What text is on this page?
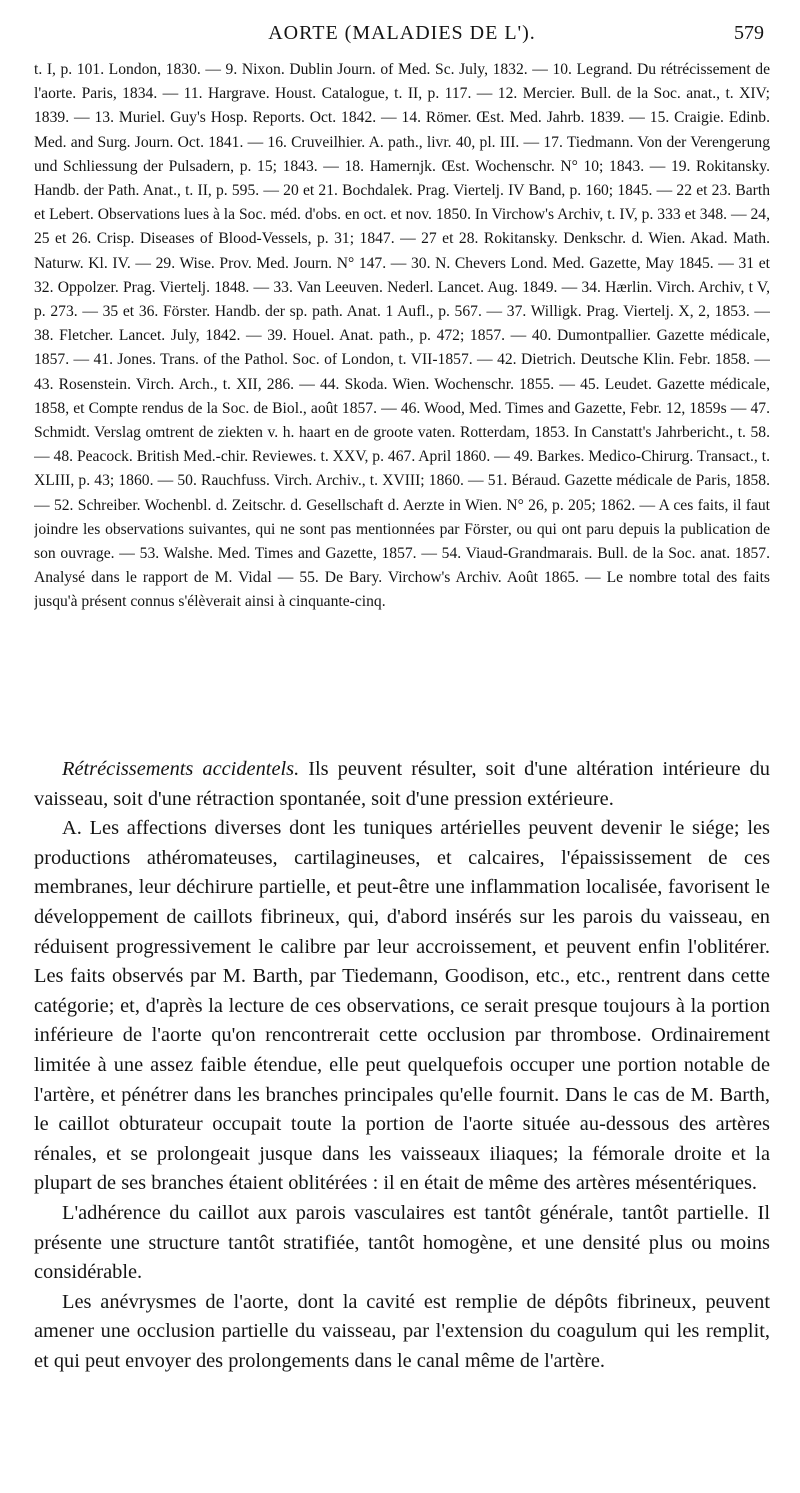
AORTE (MALADIES DE L').	579

t. I, p. 101. London, 1830. — 9. Nixon. Dublin Journ. of Med. Sc. July, 1832. — 10. Legrand. Du rétrécissement de l'aorte. Paris, 1834. — 11. Hargrave. Houst. Catalogue, t. II, p. 117. — 12. Mercier. Bull. de la Soc. anat., t. XIV; 1839. — 13. Muriel. Guy's Hosp. Reports. Oct. 1842. — 14. Römer. Œst. Med. Jahrb. 1839. — 15. Craigie. Edinb. Med. and Surg. Journ. Oct. 1841. — 16. Cruveilhier. A. path., livr. 40, pl. III. — 17. Tiedmann. Von der Verengerung und Schliessung der Pulsadern, p. 15; 1843. — 18. Hamernjk. Œst. Wochenschr. N° 10; 1843. — 19. Rokitansky. Handb. der Path. Anat., t. II, p. 595. — 20 et 21. Bochdalek. Prag. Viertelj. IV Band, p. 160; 1845. — 22 et 23. Barth et Lebert. Observations lues à la Soc. méd. d'obs. en oct. et nov. 1850. In Virchow's Archiv, t. IV, p. 333 et 348. — 24, 25 et 26. Crisp. Diseases of Blood-Vessels, p. 31; 1847. — 27 et 28. Rokitansky. Denkschr. d. Wien. Akad. Math. Naturw. Kl. IV. — 29. Wise. Prov. Med. Journ. N° 147. — 30. N. Chevers Lond. Med. Gazette, May 1845. — 31 et 32. Oppolzer. Prag. Viertelj. 1848. — 33. Van Leeuven. Nederl. Lancet. Aug. 1849. — 34. Hærlin. Virch. Archiv, t V, p. 273. — 35 et 36. Förster. Handb. der sp. path. Anat. 1 Aufl., p. 567. — 37. Willigk. Prag. Viertelj. X, 2, 1853. — 38. Fletcher. Lancet. July, 1842. — 39. Houel. Anat. path., p. 472; 1857. — 40. Dumontpallier. Gazette médicale, 1857. — 41. Jones. Trans. of the Pathol. Soc. of London, t. VII-1857. — 42. Dietrich. Deutsche Klin. Febr. 1858. — 43. Rosenstein. Virch. Arch., t. XII, 286. — 44. Skoda. Wien. Wochenschr. 1855. — 45. Leudet. Gazette médicale, 1858, et Compte rendus de la Soc. de Biol., août 1857. — 46. Wood, Med. Times and Gazette, Febr. 12, 1859s — 47. Schmidt. Verslag omtrent de ziekten v. h. haart en de groote vaten. Rotterdam, 1853. In Canstatt's Jahrbericht., t. 58. — 48. Peacock. British Med.-chir. Reviewes. t. XXV, p. 467. April 1860. — 49. Barkes. Medico-Chirurg. Transact., t. XLIII, p. 43; 1860. — 50. Rauchfuss. Virch. Archiv., t. XVIII; 1860. — 51. Béraud. Gazette médicale de Paris, 1858. — 52. Schreiber. Wochenbl. d. Zeitschr. d. Gesellschaft d. Aerzte in Wien. N° 26, p. 205; 1862. — A ces faits, il faut joindre les observations suivantes, qui ne sont pas mentionnées par Förster, ou qui ont paru depuis la publication de son ouvrage. — 53. Walshe. Med. Times and Gazette, 1857. — 54. Viaud-Grandmarais. Bull. de la Soc. anat. 1857. Analysé dans le rapport de M. Vidal — 55. De Bary. Virchow's Archiv. Août 1865. — Le nombre total des faits jusqu'à présent connus s'élèverait ainsi à cinquante-cinq.

Rétrécissements accidentels. Ils peuvent résulter, soit d'une altération intérieure du vaisseau, soit d'une rétraction spontanée, soit d'une pression extérieure.

A. Les affections diverses dont les tuniques artérielles peuvent devenir le siége; les productions athéromateuses, cartilagineuses, et calcaires, l'épaississement de ces membranes, leur déchirure partielle, et peut-être une inflammation localisée, favorisent le développement de caillots fibrineux, qui, d'abord insérés sur les parois du vaisseau, en réduisent progressivement le calibre par leur accroissement, et peuvent enfin l'oblitérer. Les faits observés par M. Barth, par Tiedemann, Goodison, etc., etc., rentrent dans cette catégorie; et, d'après la lecture de ces observations, ce serait presque toujours à la portion inférieure de l'aorte qu'on rencontrerait cette occlusion par thrombose. Ordinairement limitée à une assez faible étendue, elle peut quelquefois occuper une portion notable de l'artère, et pénétrer dans les branches principales qu'elle fournit. Dans le cas de M. Barth, le caillot obturateur occupait toute la portion de l'aorte située au-dessous des artères rénales, et se prolongeait jusque dans les vaisseaux iliaques; la fémorale droite et la plupart de ses branches étaient oblitérées : il en était de même des artères mésentériques.

L'adhérence du caillot aux parois vasculaires est tantôt générale, tantôt partielle. Il présente une structure tantôt stratifiée, tantôt homogène, et une densité plus ou moins considérable.

Les anévrysmes de l'aorte, dont la cavité est remplie de dépôts fibrineux, peuvent amener une occlusion partielle du vaisseau, par l'extension du coagulum qui les remplit, et qui peut envoyer des prolongements dans le canal même de l'artère.
